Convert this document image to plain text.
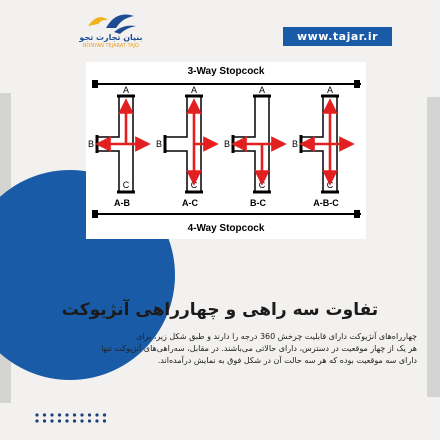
بنیان تجارت تجو
BONYAN TEJARAT TAJO
www.tajar.ir
3-Way Stopcock
A
C
B
A-B
A
C
B
A-C
A
C
B
B-C
A
C
B
A-B-C
4-Way Stopcock
تفاوت سه راهی و چهارراهی آنژیوکت
چهارراه‌های آنژیوکت دارای قابلیت چرخش 360 درجه را دارند و طبق شکل زیر، برای
هر یک از چهار موقعیت در دسترس، دارای حالاتی می‌باشند. در مقابل، سه‌راهی‌های آنژیوکت تنها
دارای سه موقعیت بوده که هر سه حالت آن در شکل فوق به نمایش درآمده‌اند.
